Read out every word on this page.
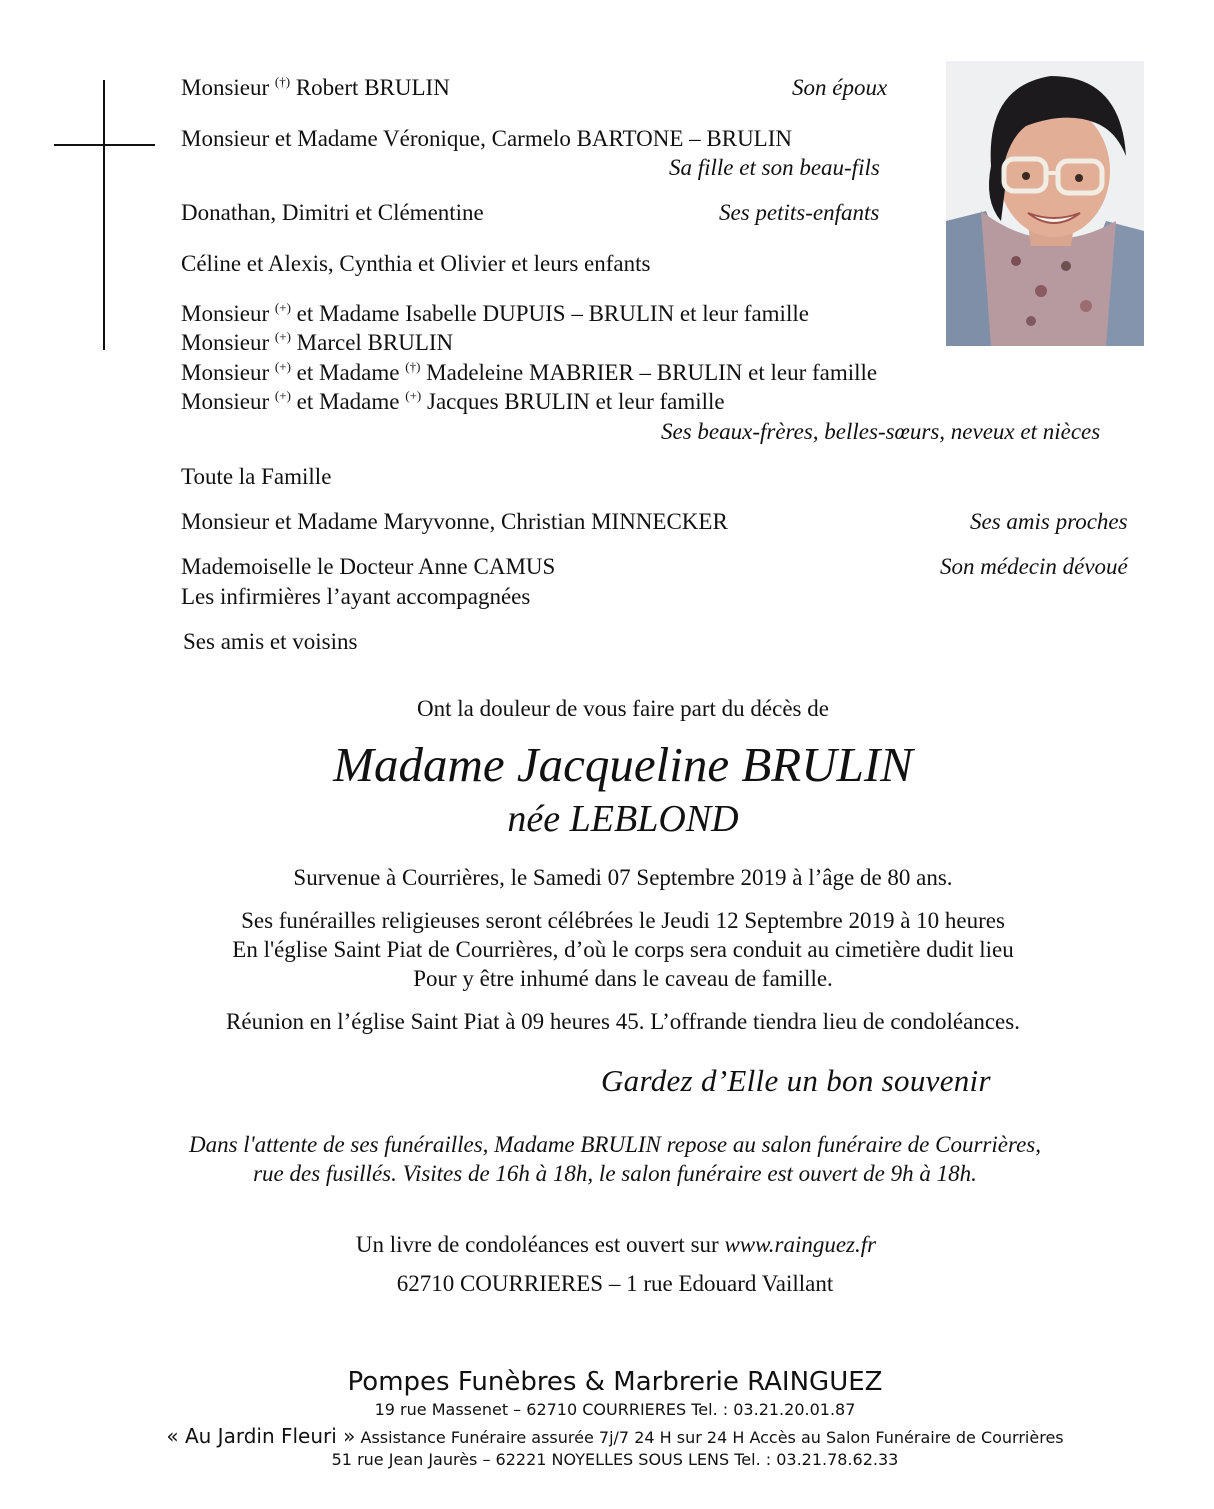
Monsieur (†) Robert BRULIN	Son époux
Monsieur et Madame Véronique, Carmelo BARTONE – BRULIN
Sa fille et son beau-fils
Donathan, Dimitri et Clémentine	Ses petits-enfants
Céline et Alexis, Cynthia et Olivier et leurs enfants
Monsieur (+) et Madame Isabelle DUPUIS – BRULIN et leur famille
Monsieur (+) Marcel BRULIN
Monsieur (+) et Madame (†) Madeleine MABRIER – BRULIN et leur famille
Monsieur (+) et Madame (+) Jacques BRULIN et leur famille
Ses beaux-frères, belles-sœurs, neveux et nièces
Toute la Famille
Monsieur et Madame Maryvonne, Christian MINNECKER	Ses amis proches
Mademoiselle le Docteur Anne CAMUS	Son médecin dévoué
Les infirmières l’ayant accompagnées
Ses amis et voisins
Ont la douleur de vous faire part du décès de
Madame Jacqueline BRULIN
née LEBLOND
Survenue à Courrières, le Samedi 07 Septembre 2019 à l’âge de 80 ans.
Ses funérailles religieuses seront célébrées le Jeudi 12 Septembre 2019 à 10 heures
En l'église Saint Piat de Courrières, d’où le corps sera conduit au cimetière dudit lieu
Pour y être inhumé dans le caveau de famille.
Réunion en l’église Saint Piat à 09 heures 45. L’offrande tiendra lieu de condoléances.
Gardez d’Elle un bon souvenir
Dans l'attente de ses funérailles, Madame BRULIN repose au salon funéraire de Courrières,
rue des fusillés. Visites de 16h à 18h, le salon funéraire est ouvert de 9h à 18h.
Un livre de condoléances est ouvert sur www.rainguez.fr
62710 COURRIERES – 1 rue Edouard Vaillant
Pompes Funèbres & Marbrerie RAINGUEZ
19 rue Massenet – 62710 COURRIERES Tel. : 03.21.20.01.87
« Au Jardin Fleuri » Assistance Funéraire assurée 7j/7 24 H sur 24 H Accès au Salon Funéraire de Courrières
51 rue Jean Jaurès – 62221 NOYELLES SOUS LENS Tel. : 03.21.78.62.33
